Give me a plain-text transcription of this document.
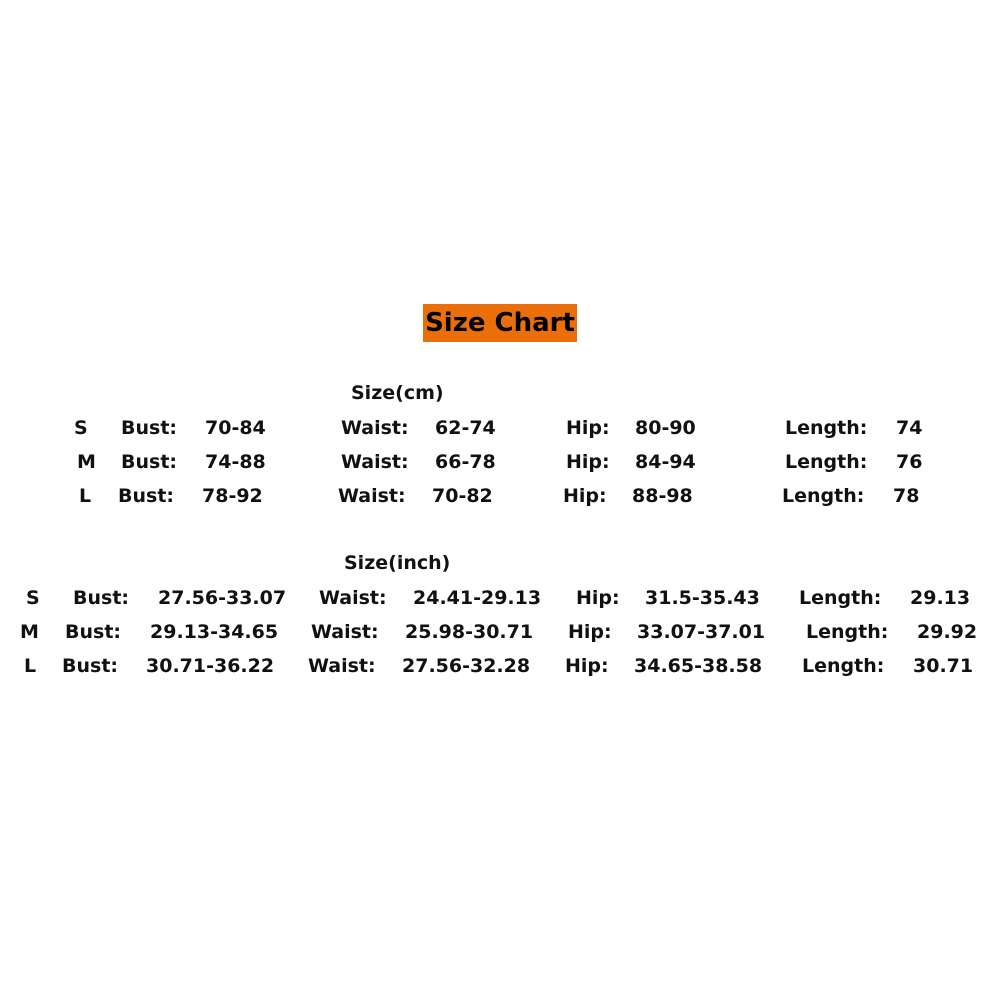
Size Chart
Size(cm)
S Bust: 70-84	Waist: 62-74	Hip: 80-90	Length: 74
M Bust: 74-88	Waist: 66-78	Hip: 84-94	Length: 76
L Bust: 78-92	Waist: 70-82	Hip: 88-98	Length: 78
Size(inch)
S Bust: 27.56-33.07 Waist: 24.41-29.13 Hip: 31.5-35.43 Length: 29.13
M Bust: 29.13-34.65 Waist: 25.98-30.71 Hip: 33.07-37.01 Length: 29.92
L Bust: 30.71-36.22 Waist: 27.56-32.28 Hip: 34.65-38.58 Length: 30.71
